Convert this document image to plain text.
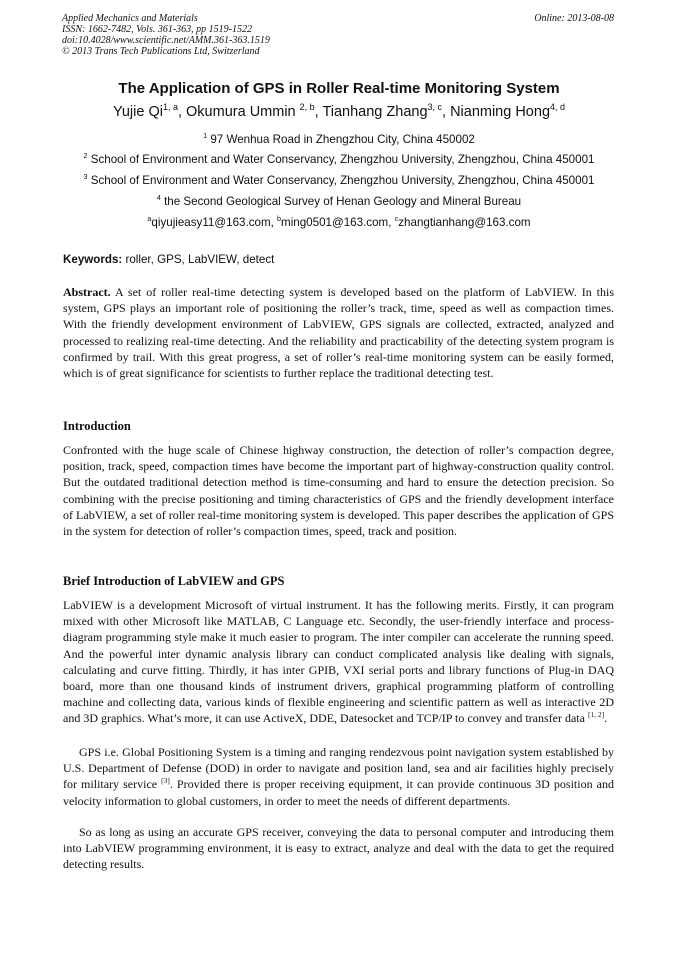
Applied Mechanics and Materials
ISSN: 1662-7482, Vols. 361-363, pp 1519-1522
doi:10.4028/www.scientific.net/AMM.361-363.1519
© 2013 Trans Tech Publications Ltd, Switzerland
Online: 2013-08-08
The Application of GPS in Roller Real-time Monitoring System
Yujie Qi$^{1, a}$, Okumura Ummin $^{2, b}$, Tianhang Zhang$^{3, c}$, Nianming Hong$^{4, d}$
$^1$ 97 Wenhua Road in Zhengzhou City, China 450002
$^2$ School of Environment and Water Conservancy, Zhengzhou University, Zhengzhou, China 450001
$^3$ School of Environment and Water Conservancy, Zhengzhou University, Zhengzhou, China 450001
$^4$ the Second Geological Survey of Henan Geology and Mineral Bureau
$^a$qiyujieasy11@163.com, $^b$ming0501@163.com, $^c$zhangtianhang@163.com
Keywords: roller, GPS, LabVIEW, detect
Abstract. A set of roller real-time detecting system is developed based on the platform of LabVIEW. In this system, GPS plays an important role of positioning the roller’s track, time, speed as well as compaction times. With the friendly development environment of LabVIEW, GPS signals are collected, extracted, analyzed and processed to realizing real-time detecting. And the reliability and practicability of the detecting system program is confirmed by trail. With this great progress, a set of roller’s real-time monitoring system can be easily formed, which is of great significance for scientists to further replace the traditional detecting test.
Introduction
Confronted with the huge scale of Chinese highway construction, the detection of roller’s compaction degree, position, track, speed, compaction times have become the important part of highway-construction quality control. But the outdated traditional detection method is time-consuming and hard to ensure the detection precision. So combining with the precise positioning and timing characteristics of GPS and the friendly development interface of LabVIEW, a set of roller real-time monitoring system is developed. This paper describes the application of GPS in the system for detection of roller’s compaction times, speed, track and position.
Brief Introduction of LabVIEW and GPS
LabVIEW is a development Microsoft of virtual instrument. It has the following merits. Firstly, it can program mixed with other Microsoft like MATLAB, C Language etc. Secondly, the user-friendly interface and process-diagram programming style make it much easier to program. The inter compiler can accelerate the running speed. And the powerful inter dynamic analysis library can conduct complicated analysis like dealing with signals, calculating and curve fitting. Thirdly, it has inter GPIB, VXI serial ports and library functions of Plug-in DAQ board, more than one thousand kinds of instrument drivers, graphical programming platform of controlling machine and collecting data, various kinds of flexible engineering and scientific pattern as well as interactive 2D and 3D graphics. What’s more, it can use ActiveX, DDE, Datesocket and TCP/IP to convey and transfer data [1, 2].
GPS i.e. Global Positioning System is a timing and ranging rendezvous point navigation system established by U.S. Department of Defense (DOD) in order to navigate and position land, sea and air facilities highly precisely for military service [3]. Provided there is proper receiving equipment, it can provide continuous 3D position and velocity information to global customers, in order to meet the needs of different departments.
So as long as using an accurate GPS receiver, conveying the data to personal computer and introducing them into LabVIEW programming environment, it is easy to extract, analyze and deal with the data to get the required detecting results.
